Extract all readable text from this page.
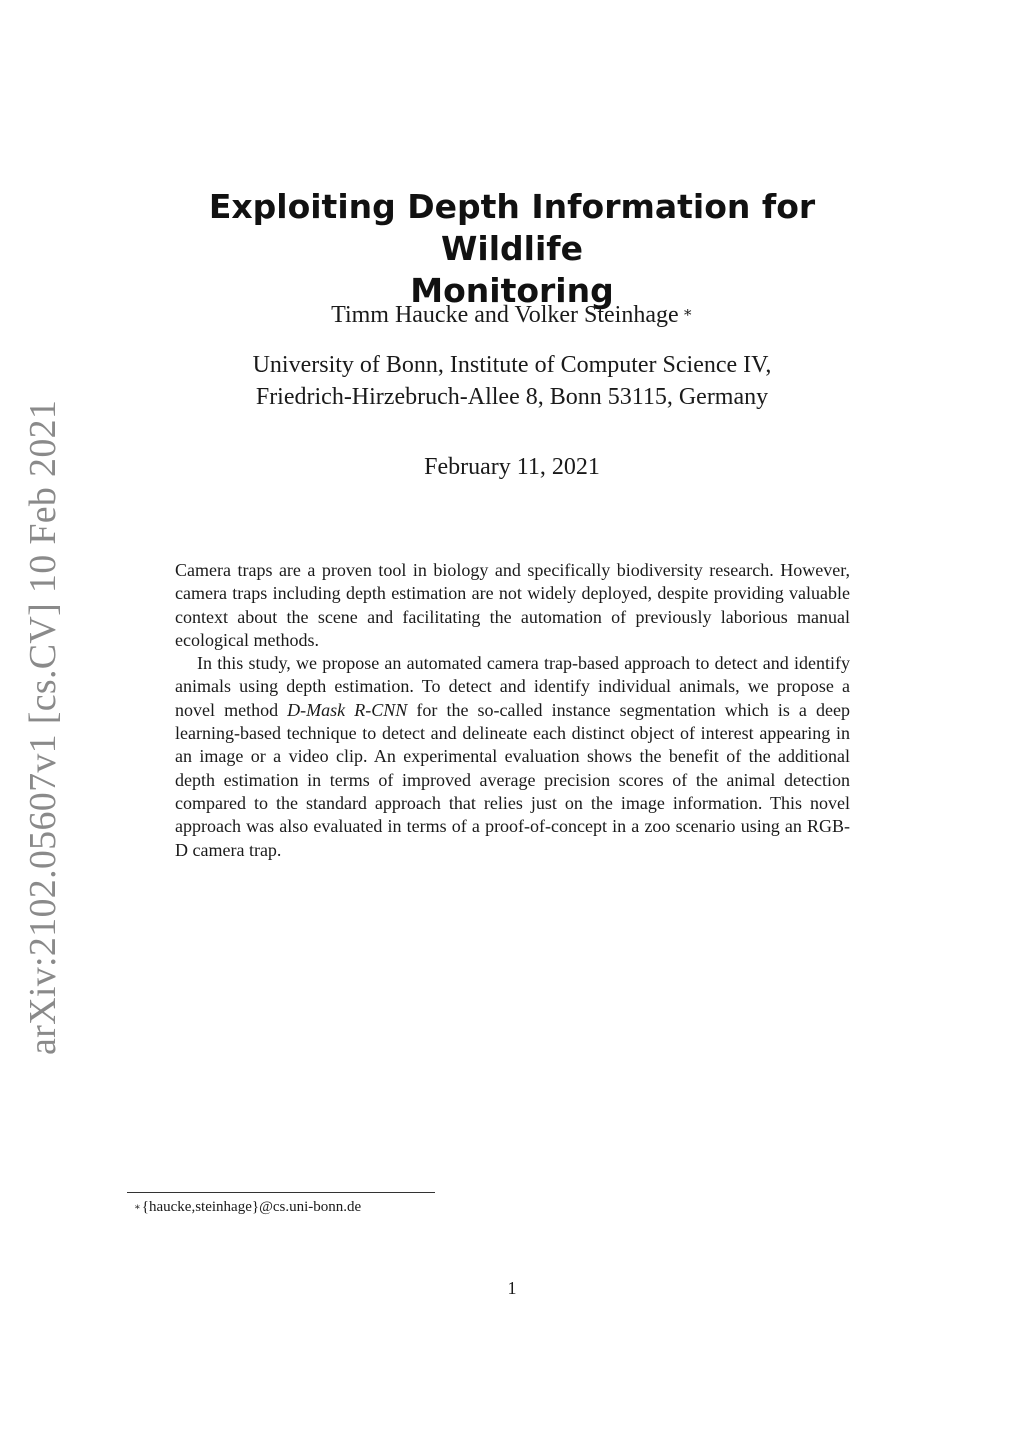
arXiv:2102.05607v1 [cs.CV] 10 Feb 2021
Exploiting Depth Information for Wildlife
Monitoring
Timm Haucke and Volker Steinhage ∗
University of Bonn, Institute of Computer Science IV,
Friedrich-Hirzebruch-Allee 8, Bonn 53115, Germany
February 11, 2021

Camera traps are a proven tool in biology and specifically biodiversity research. However, camera traps including depth estimation are not widely deployed, despite providing valuable context about the scene and facilitating the automation of previously laborious manual ecological methods.

In this study, we propose an automated camera trap-based approach to detect and identify animals using depth estimation. To detect and identify individual animals, we propose a novel method D-Mask R-CNN for the so-called instance segmentation which is a deep learning-based technique to detect and delineate each distinct object of interest appearing in an image or a video clip. An experimental evaluation shows the benefit of the additional depth estimation in terms of improved average precision scores of the animal detection compared to the standard approach that relies just on the image information. This novel approach was also evaluated in terms of a proof-of-concept in a zoo scenario using an RGB-D camera trap.

∗{haucke,steinhage}@cs.uni-bonn.de
1
